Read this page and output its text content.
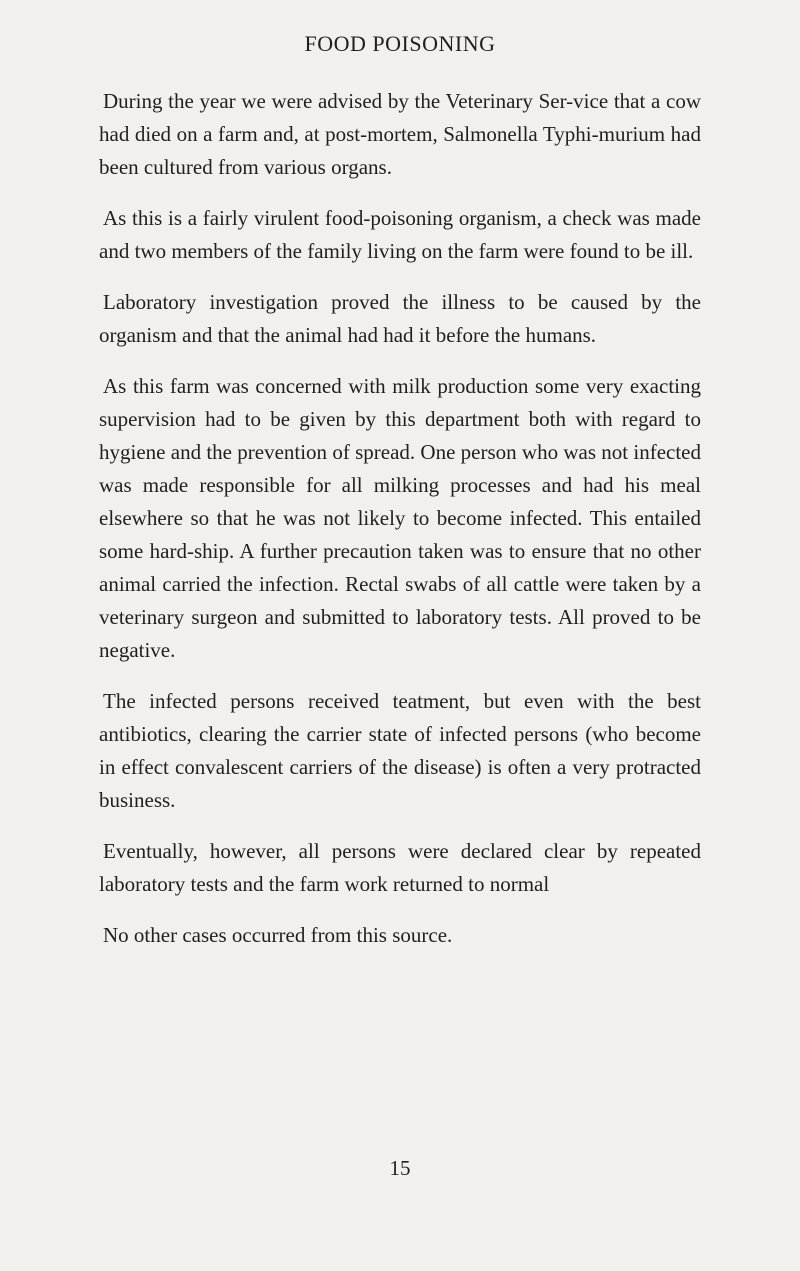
FOOD POISONING

During the year we were advised by the Veterinary Ser-vice that a cow had died on a farm and, at post-mortem, Salmonella Typhi-murium had been cultured from various organs.

As this is a fairly virulent food-poisoning organism, a check was made and two members of the family living on the farm were found to be ill.

Laboratory investigation proved the illness to be caused by the organism and that the animal had had it before the humans.

As this farm was concerned with milk production some very exacting supervision had to be given by this department both with regard to hygiene and the prevention of spread. One person who was not infected was made responsible for all milking processes and had his meal elsewhere so that he was not likely to become infected. This entailed some hard-ship. A further precaution taken was to ensure that no other animal carried the infection. Rectal swabs of all cattle were taken by a veterinary surgeon and submitted to laboratory tests. All proved to be negative.

The infected persons received teatment, but even with the best antibiotics, clearing the carrier state of infected persons (who become in effect convalescent carriers of the disease) is often a very protracted business.

Eventually, however, all persons were declared clear by repeated laboratory tests and the farm work returned to normal

No other cases occurred from this source.

15
